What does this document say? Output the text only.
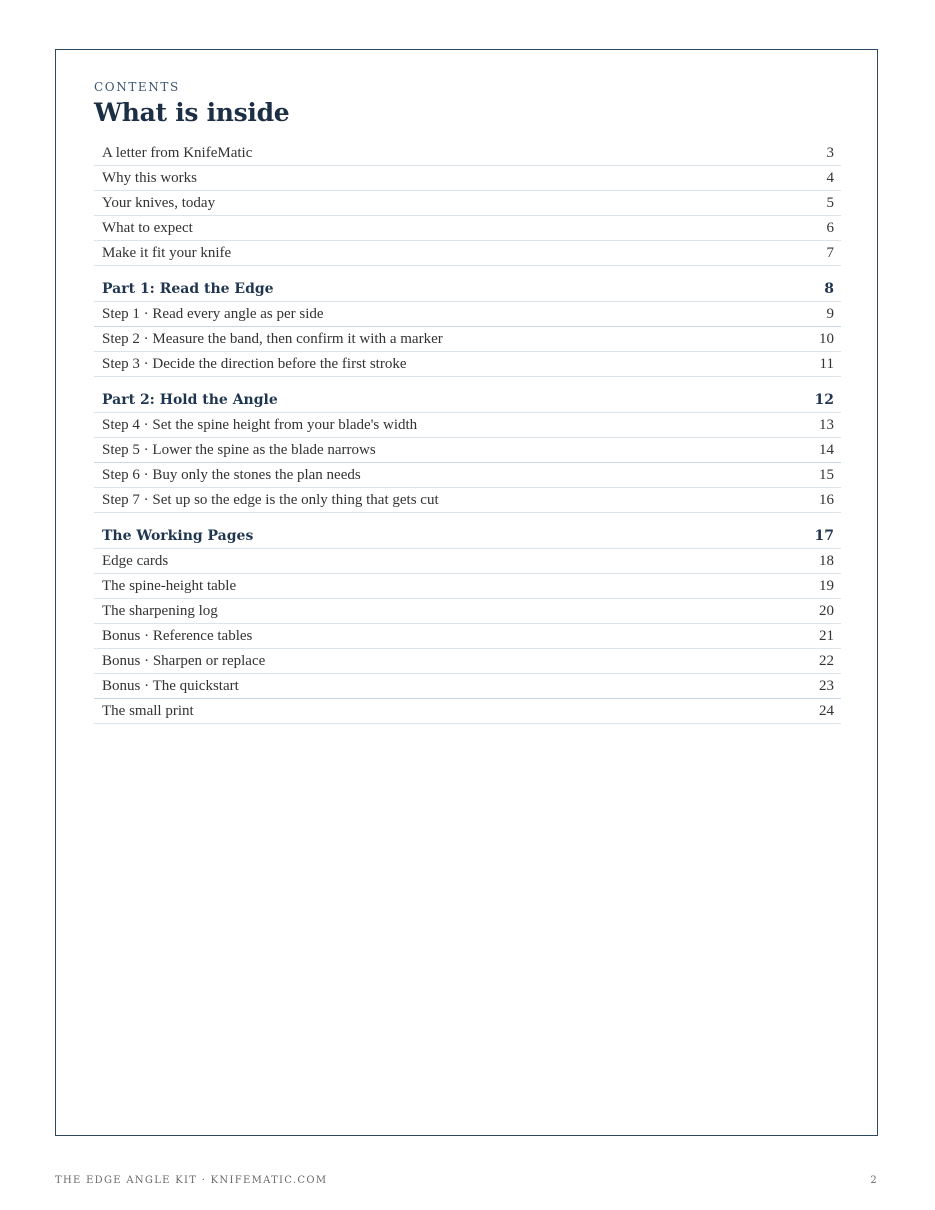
CONTENTS
What is inside
A letter from KnifeMatic	3
Why this works	4
Your knives, today	5
What to expect	6
Make it fit your knife	7
Part 1: Read the Edge	8
Step 1 · Read every angle as per side	9
Step 2 · Measure the band, then confirm it with a marker	10
Step 3 · Decide the direction before the first stroke	11
Part 2: Hold the Angle	12
Step 4 · Set the spine height from your blade's width	13
Step 5 · Lower the spine as the blade narrows	14
Step 6 · Buy only the stones the plan needs	15
Step 7 · Set up so the edge is the only thing that gets cut	16
The Working Pages	17
Edge cards	18
The spine-height table	19
The sharpening log	20
Bonus · Reference tables	21
Bonus · Sharpen or replace	22
Bonus · The quickstart	23
The small print	24
THE EDGE ANGLE KIT · KNIFEMATIC.COM	2
